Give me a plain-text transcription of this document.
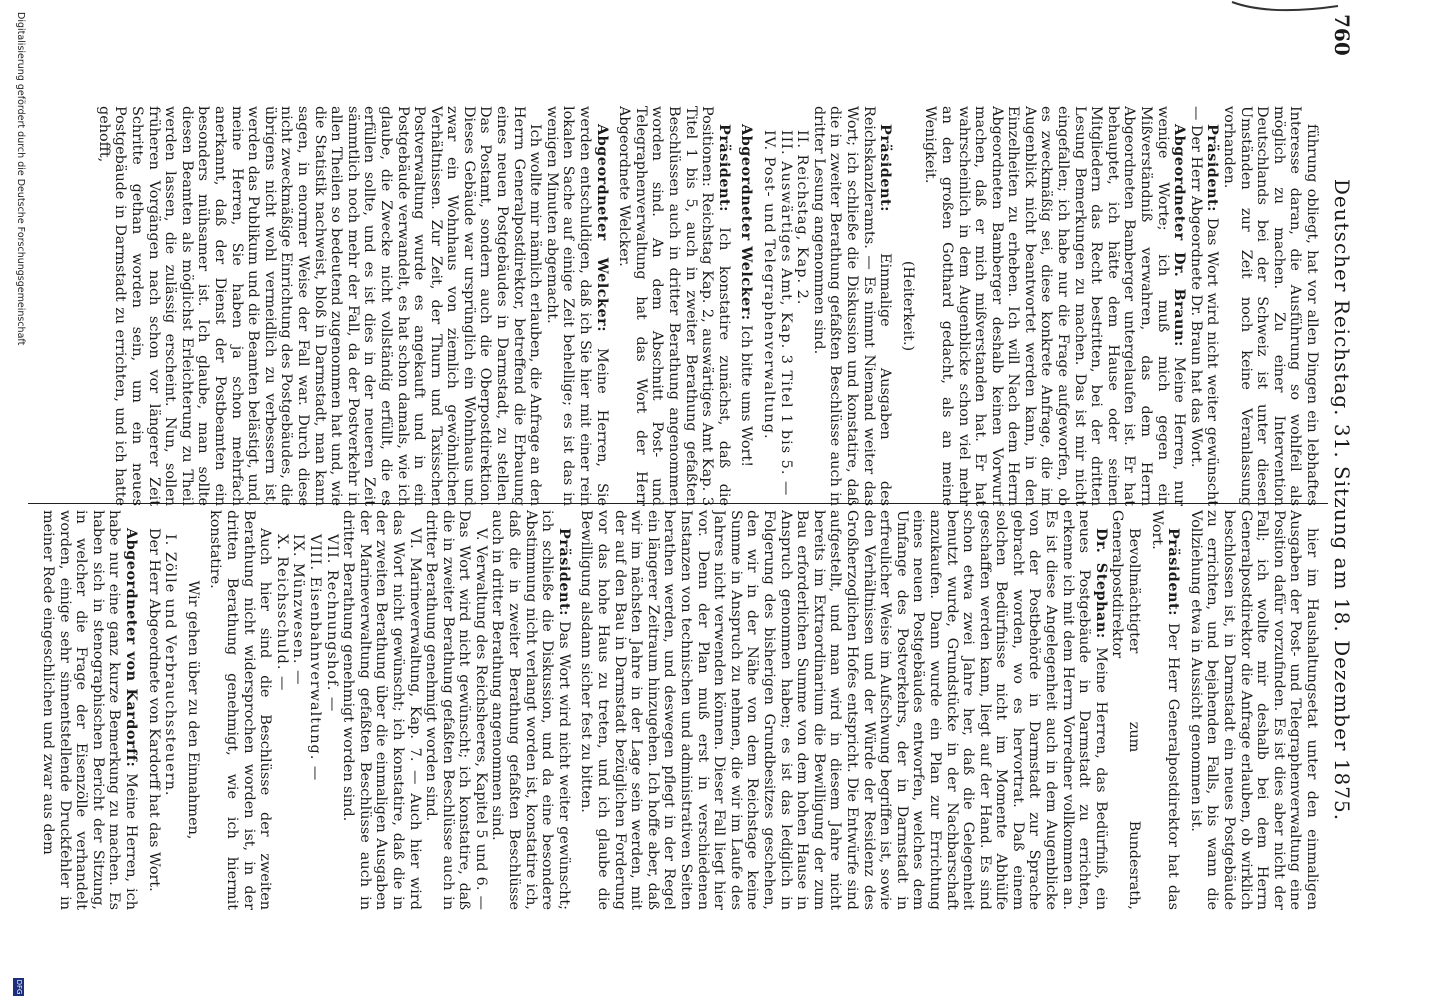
760
Deutscher Reichstag. 31. Sitzung am 18. Dezember 1875.

führung obliegt, hat vor allen Dingen ein lebhaftes Interesse daran, die Ausführung so wohlfeil als möglich zu machen. Zu einer Intervention Deutschlands bei der Schweiz ist unter diesen Umständen zur Zeit noch keine Veranlassung vorhanden.

Präsident: Das Wort wird nicht weiter gewünscht — Der Herr Abgeordnete Dr. Braun hat das Wort.

Abgeordneter Dr. Braun: Meine Herren, nur wenige Worte; ich muß mich gegen ein Mißverständniß verwahren, das dem Herrn Abgeordneten Bamberger untergelaufen ist. Er hat behauptet, ich hätte dem Hause oder seinen Mitgliedern das Recht bestritten, bei der dritten Lesung Bemerkungen zu machen. Das ist mir nicht eingefallen; ich habe nur die Frage aufgeworfen, ob es zweckmäßig sei, diese konkrete Anfrage, die im Augenblick nicht beantwortet werden kann, in den Einzelheiten zu erheben. Ich will Nach dem Herrn Abgeordneten Bamberger deshalb keinen Vorwurf machen, daß er mich mißverstanden hat. Er hat wahrscheinlich in dem Augenblicke schon viel mehr an den großen Gotthard gedacht, als an meine Wenigkeit.

(Heiterkeit.)

Präsident: Einmalige Ausgaben des Reichskanzleramts. — Es nimmt Niemand weiter das Wort; ich schließe die Diskussion und konstatire, daß die in zweiter Berathung gefaßten Beschlüsse auch in dritter Lesung angenommen sind.

II. Reichstag, Kap. 2.

III. Auswärtiges Amt, Kap. 3 Titel 1 bis 5. —

IV. Post- und Telegraphenverwaltung.

Abgeordneter Welcker: Ich bitte ums Wort!

Präsident: Ich konstatire zunächst, daß die Positionen: Reichstag Kap. 2, auswärtiges Amt Kap. 3 Titel 1 bis 5, auch in zweiter Berathung gefaßten Beschlüssen auch in dritter Berathung angenommen worden sind. An dem Abschnitt Post- und Telegraphenverwaltung hat das Wort der Herr Abgeordnete Welcker.

Abgeordneter Welcker: Meine Herren, Sie werden entschuldigen, daß ich Sie hier mit einer rein lokalen Sache auf einige Zeit behellige; es ist das in wenigen Minuten abgemacht.

Ich wollte mir nämlich erlauben, die Anfrage an den Herrn Generalpostdirektor, betreffend die Erbauung eines neuen Postgebäudes in Darmstadt, zu stellen. Das Postamt, sondern auch die Oberpostdirektion. Dieses Gebäude war ursprünglich ein Wohnhaus und zwar ein Wohnhaus von ziemlich gewöhnlichen Verhältnissen. Zur Zeit, der Thurn und Taxisschen Postverwaltung wurde es angekauft und in ein Postgebäude verwandelt, es hat schon damals, wie ich glaube, die Zwecke nicht vollständig erfüllt, die es erfüllen sollte, und es ist dies in der neueren Zeit sämmtlich noch mehr der Fall, da der Postverkehr in allen Theilen so bedeutend zugenommen hat und, wie die Statistik nachweist, bloß in Darmstadt, man kann sagen, in enormer Weise der Fall war. Durch diese nicht zweckmäßige Einrichtung des Postgebäudes, die übrigens nicht wohl vermeidlich zu verbessern ist, werden das Publikum und die Beamten belästigt, und, meine Herren, Sie haben ja schon mehrfach anerkannt, daß der Dienst der Postbeamten ein besonders mühsamer ist. Ich glaube, man sollte diesen Beamten als möglichst Erleichterung zu Theil werden lassen, die zulässig erscheint. Nun, sollen früheren Vorgängen nach schon vor längerer Zeit Schritte gethan worden sein, um ein neues Postgebäude in Darmstadt zu errichten, und ich hatte gehofft,

hier im Haushaltungsetat unter den einmaligen Ausgaben der Post- und Telegraphenverwaltung eine Position dafür vorzufinden. Es ist dies aber nicht der Fall; ich wollte mir deshalb bei dem Herrn Generalpostdirektor die Anfrage erlauben, ob wirklich beschlossen ist, in Darmstadt ein neues Postgebäude zu errichten, und bejahenden Falls, bis wann die Vollziehung etwa in Aussicht genommen ist.

Präsident: Der Herr Generalpostdirektor hat das Wort.

Bevollmächtigter zum Bundesrath, Generalpostdirektor

Dr. Stephan: Meine Herren, das Bedürfniß, ein neues Postgebäude in Darmstadt zu errichten, erkenne ich mit dem Herrn Vorredner vollkommen an. Es ist diese Angelegenheit auch in dem Augenblicke von der Postbehörde in Darmstadt zur Sprache gebracht worden, wo es hervortrat. Daß einem solchen Bedürfnisse nicht im Momente Abhülfe geschaffen werden kann, liegt auf der Hand. Es sind schon etwa zwei Jahre her, daß die Gelegenheit benutzt wurde, Grundstücke in der Nachbarschaft anzukaufen. Dann wurde ein Plan zur Errichtung eines neuen Postgebäudes entworfen, welches dem Umfange des Postverkehrs, der in Darmstadt in erfreulicher Weise im Aufschwung begriffen ist, sowie den Verhältnissen und der Würde der Residenz des Großherzoglichen Hofes entspricht. Die Entwürfe sind aufgestellt, und man wird in diesem Jahre nicht bereits im Extraordinarium die Bewilligung der zum Bau erforderlichen Summe von dem hohen Hause in Anspruch genommen haben; es ist das lediglich in Folgerung des bisherigen Grundbesitzes geschehen, den wir in der Nähe von dem Reichstage keine Summe in Anspruch zu nehmen, die wir im Laufe des Jahres nicht verwenden können. Dieser Fall liegt hier vor. Denn der Plan muß erst in verschiedenen Instanzen von technischen und administrativen Seiten berathen werden, und deswegen pflegt in der Regel ein längerer Zeitraum hinzugehen. Ich hoffe aber, daß wir im nächsten Jahre in der Lage sein werden, mit der auf den Bau in Darmstadt bezüglichen Forderung vor das hohe Haus zu treten, und ich glaube die Bewilligung alsdann sicher fest zu bitten.

Präsident: Das Wort wird nicht weiter gewünscht; ich schließe die Diskussion, und da eine besondere Abstimmung nicht verlangt worden ist, konstatire ich, daß die in zweiter Berathung gefaßten Beschlüsse auch in dritter Berathung angenommen sind.

V. Verwaltung des Reichsheeres, Kapitel 5 und 6. — Das Wort wird nicht gewünscht; ich konstatire, daß die in zweiter Berathung gefaßten Beschlüsse auch in dritter Berathung genehmigt worden sind.

VI. Marineverwaltung, Kap. 7. — Auch hier wird das Wort nicht gewünscht; ich konstatire, daß die in der zweiten Berathung über die einmaligen Ausgaben der Marineverwaltung gefaßten Beschlüsse auch in dritter Berathung genehmigt worden sind.

VII. Rechnungshof. —

VIII. Eisenbahnverwaltung. —

IX. Münzwesen. —

X. Reichsschuld. —

Auch hier sind die Beschlüsse der zweiten Berathung nicht widersprochen worden ist, in der dritten Berathung genehmigt, wie ich hiermit konstatire.

Wir gehen über zu den Einnahmen,

I. Zölle und Verbrauchssteuern.

Der Herr Abgeordnete von Kardorff hat das Wort.

Abgeordneter von Kardorff: Meine Herren, ich habe nur eine ganz kurze Bemerkung zu machen. Es haben sich in stenographischen Bericht der Sitzung, in welcher die Frage der Eisenzölle verhandelt worden, einige sehr sinnentstellende Druckfehler in meiner Rede eingeschlichen und zwar aus dem

Digitalisierung gefördert durch die Deutsche Forschungsgemeinschaft
DFG
